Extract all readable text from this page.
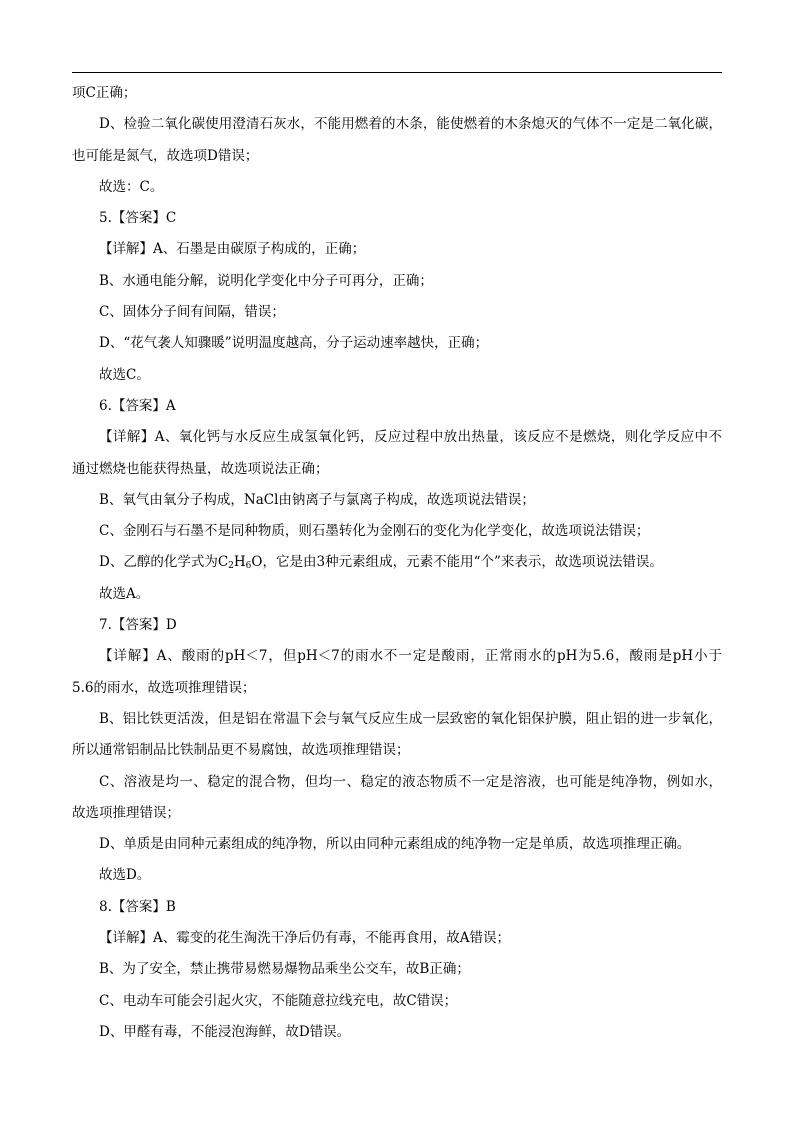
项C正确；
D、检验二氧化碳使用澄清石灰水，不能用燃着的木条，能使燃着的木条熄灭的气体不一定是二氧化碳，
也可能是氮气，故选项D错误；
故选：C。
5.【答案】C
【详解】A、石墨是由碳原子构成的，正确；
B、水通电能分解，说明化学变化中分子可再分，正确；
C、固体分子间有间隔，错误；
D、“花气袭人知骤暖”说明温度越高，分子运动速率越快，正确；
故选C。
6.【答案】A
【详解】A、氧化钙与水反应生成氢氧化钙，反应过程中放出热量，该反应不是燃烧，则化学反应中不
通过燃烧也能获得热量，故选项说法正确；
B、氧气由氧分子构成，NaCl由钠离子与氯离子构成，故选项说法错误；
C、金刚石与石墨不是同种物质，则石墨转化为金刚石的变化为化学变化，故选项说法错误；
D、乙醇的化学式为$C_2H_6O$，它是由3种元素组成，元素不能用“个”来表示，故选项说法错误。
故选A。
7.【答案】D
【详解】A、酸雨的pH＜7，但pH＜7的雨水不一定是酸雨，正常雨水的pH为5.6，酸雨是pH小于
5.6的雨水，故选项推理错误；
B、铝比铁更活泼，但是铝在常温下会与氧气反应生成一层致密的氧化铝保护膜，阻止铝的进一步氧化，
所以通常铝制品比铁制品更不易腐蚀，故选项推理错误；
C、溶液是均一、稳定的混合物，但均一、稳定的液态物质不一定是溶液，也可能是纯净物，例如水，
故选项推理错误；
D、单质是由同种元素组成的纯净物，所以由同种元素组成的纯净物一定是单质，故选项推理正确。
故选D。
8.【答案】B
【详解】A、霉变的花生淘洗干净后仍有毒，不能再食用，故A错误；
B、为了安全，禁止携带易燃易爆物品乘坐公交车，故B正确；
C、电动车可能会引起火灾，不能随意拉线充电，故C错误；
D、甲醛有毒，不能浸泡海鲜，故D错误。
